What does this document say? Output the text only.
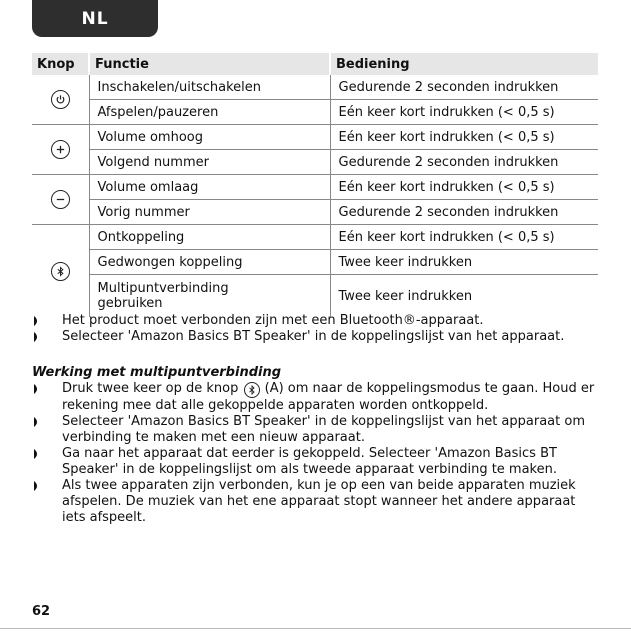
NL
Knop	Functie	Bediening

	Inschakelen/uitschakelen	Gedurende 2 seconden indrukken
	Afspelen/pauzeren	Eén keer kort indrukken (< 0,5 s)

	Volume omhoog	Eén keer kort indrukken (< 0,5 s)
	Volgend nummer	Gedurende 2 seconden indrukken

	Volume omlaag	Eén keer kort indrukken (< 0,5 s)
	Vorig nummer	Gedurende 2 seconden indrukken

	Ontkoppeling	Eén keer kort indrukken (< 0,5 s)
	Gedwongen koppeling	Twee keer indrukken
	Multipuntverbinding gebruiken	Twee keer indrukken
Het product moet verbonden zijn met een Bluetooth®-apparaat.
Selecteer 'Amazon Basics BT Speaker' in de koppelingslijst van het apparaat.
Werking met multipuntverbinding
Druk twee keer op de knop (A) om naar de koppelingsmodus te gaan. Houd er rekening mee dat alle gekoppelde apparaten worden ontkoppeld.
Selecteer 'Amazon Basics BT Speaker' in de koppelingslijst van het apparaat om verbinding te maken met een nieuw apparaat.
Ga naar het apparaat dat eerder is gekoppeld. Selecteer 'Amazon Basics BT Speaker' in de koppelingslijst om als tweede apparaat verbinding te maken.
Als twee apparaten zijn verbonden, kun je op een van beide apparaten muziek afspelen. De muziek van het ene apparaat stopt wanneer het andere apparaat iets afspeelt.
62
